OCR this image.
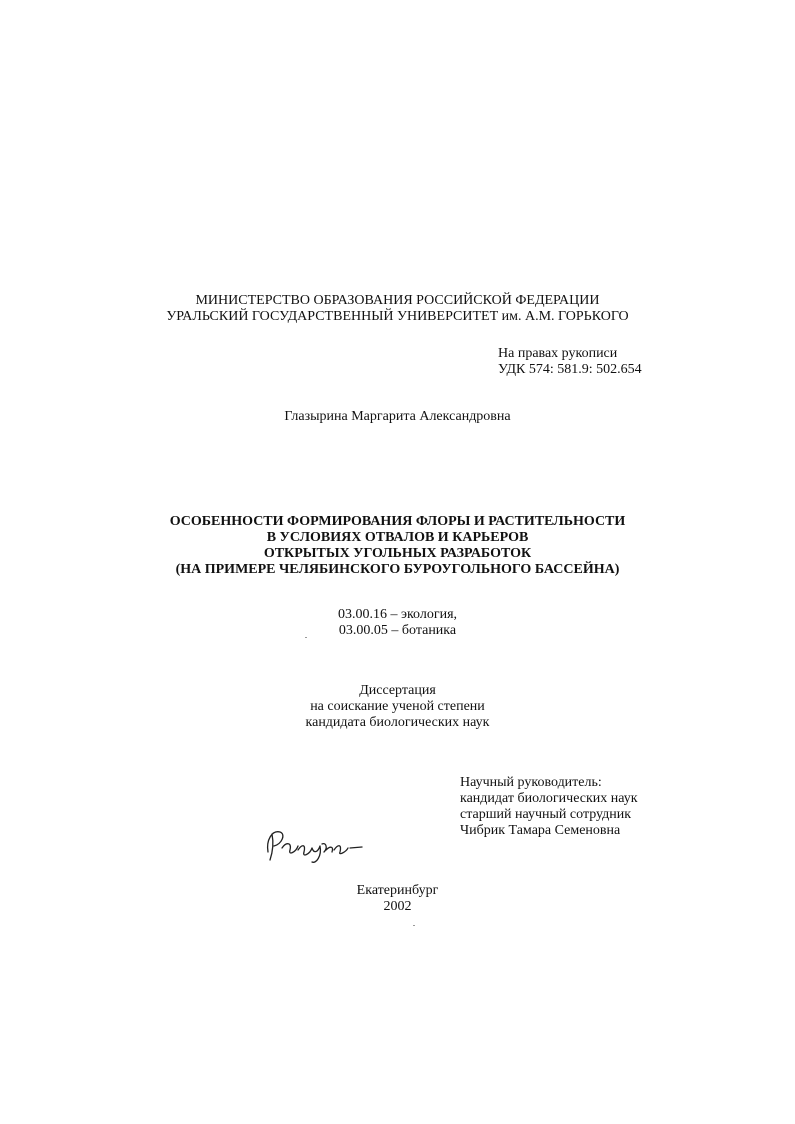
МИНИСТЕРСТВО ОБРАЗОВАНИЯ РОССИЙСКОЙ ФЕДЕРАЦИИ
УРАЛЬСКИЙ ГОСУДАРСТВЕННЫЙ УНИВЕРСИТЕТ им. А.М. ГОРЬКОГО
На правах рукописи
УДК 574: 581.9: 502.654
Глазырина Маргарита Александровна
ОСОБЕННОСТИ ФОРМИРОВАНИЯ ФЛОРЫ И РАСТИТЕЛЬНОСТИ
В УСЛОВИЯХ ОТВАЛОВ И КАРЬЕРОВ
ОТКРЫТЫХ УГОЛЬНЫХ РАЗРАБОТОК
(НА ПРИМЕРЕ ЧЕЛЯБИНСКОГО БУРОУГОЛЬНОГО БАССЕЙНА)
03.00.16 – экология,
03.00.05 – ботаника
Диссертация
на соискание ученой степени
кандидата биологических наук
Научный руководитель:
кандидат биологических наук
старший научный сотрудник
Чибрик Тамара Семеновна
Екатеринбург
2002
